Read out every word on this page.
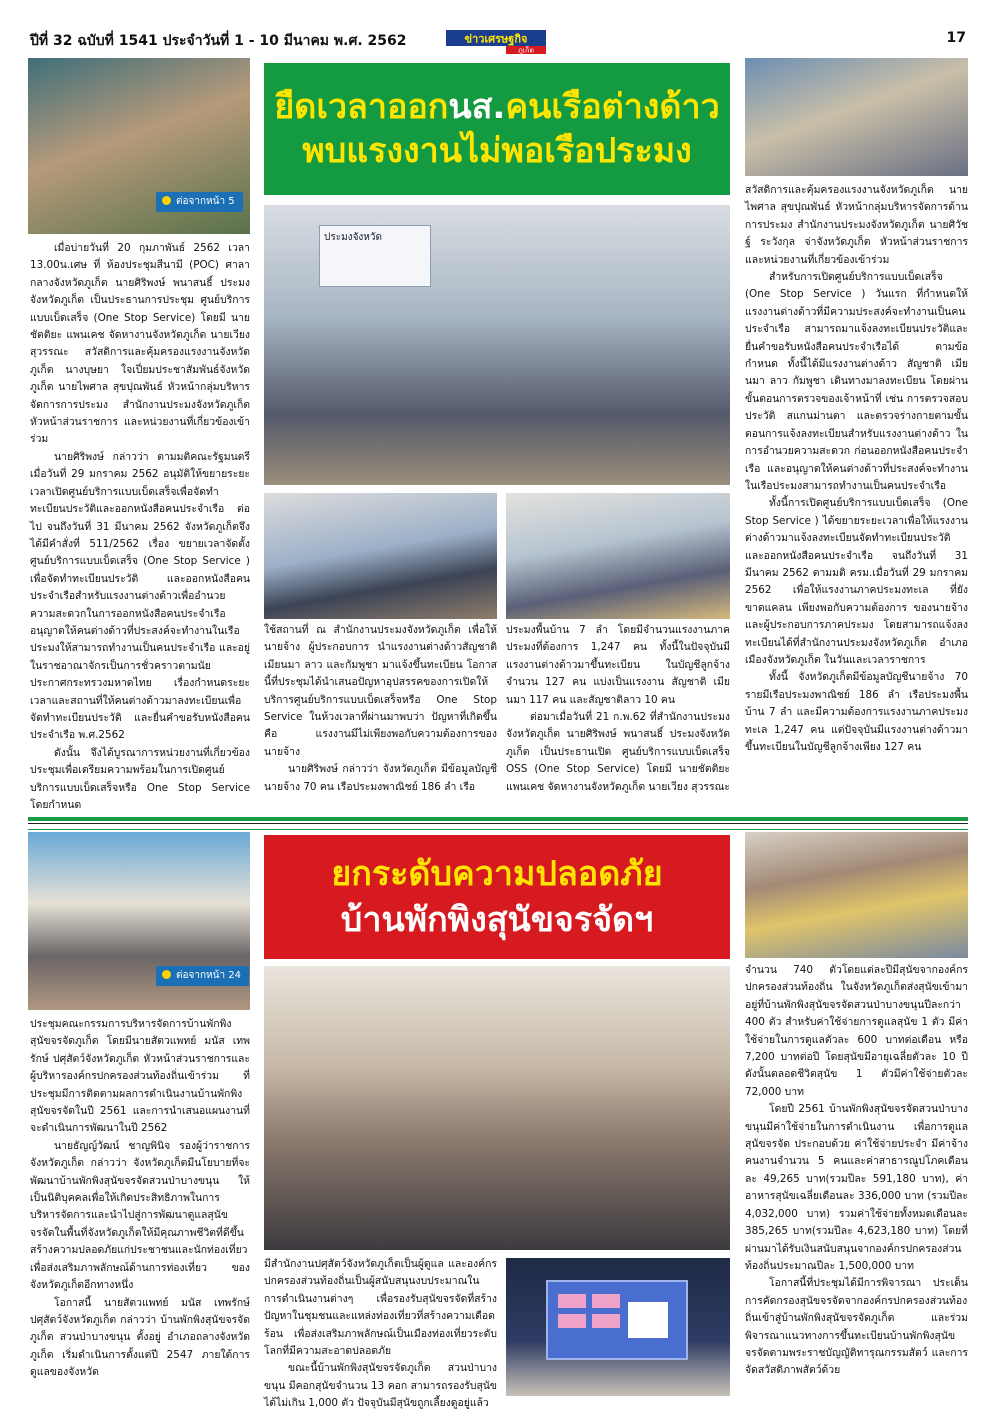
ปีที่ 32 ฉบับที่ 1541 ประจำวันที่ 1 - 10 มีนาคม พ.ศ. 2562	ข่าวเศรษฐกิจ
ภูเก็ต
17
ต่อจากหน้า 5
ยืดเวลาออกนส.คนเรือต่างด้าว
พบแรงงานไม่พอเรือประมง
ประมงจังหวัด

เมื่อบ่ายวันที่ 20 กุมภาพันธ์ 2562 เวลา 13.00น.เศษ ที่ ห้องประชุมสีนามี (POC) ศาลากลางจังหวัดภูเก็ต นายศิริพงษ์ พนาสนธิ์ ประมงจังหวัดภูเก็ต เป็นประธานการประชุม ศูนย์บริการแบบเบ็ดเสร็จ (One Stop Service) โดยมี นายชัตติยะ แพนเคช จัดหางานจังหวัดภูเก็ต นายเวียง สุวรรณะ สวัสดิการและคุ้มครองแรงงานจังหวัดภูเก็ต นางบุษยา ใจเปี่ยมประชาสัมพันธ์จังหวัดภูเก็ต นายไพศาล สุขปุณพันธ์ หัวหน้ากลุ่มบริหารจัดการการประมง สำนักงานประมงจังหวัดภูเก็ต หัวหน้าส่วนราชการ และหน่วยงานที่เกี่ยวข้องเข้าร่วม

นายศิริพงษ์ กล่าวว่า ตามมติคณะรัฐมนตรีเมื่อวันที่ 29 มกราคม 2562 อนุมัติให้ขยายระยะเวลาเปิดศูนย์บริการแบบเบ็ดเสร็จเพื่อจัดทำทะเบียนประวัติและออกหนังสือคนประจำเรือ ต่อไป จนถึงวันที่ 31 มีนาคม 2562 จังหวัดภูเก็ตจึงได้มีคำสั่งที่ 511/2562 เรื่อง ขยายเวลาจัดตั้งศูนย์บริการแบบเบ็ดเสร็จ (One Stop Service ) เพื่อจัดทำทะเบียนประวัติ และออกหนังสือคนประจำเรือสำหรับแรงงานต่างด้าวเพื่ออำนวยความสะดวกในการออกหนังสือคนประจำเรืออนุญาตให้คนต่างด้าวที่ประสงค์จะทำงานในเรือประมงให้สามารถทำงานเป็นคนประจำเรือ และอยู่ในราชอาณาจักรเป็นการชั่วคราวตามนัย ประกาศกระทรวงมหาดไทย เรื่องกำหนดระยะเวลาและสถานที่ให้คนต่างด้าวมาลงทะเบียนเพื่อจัดทำทะเบียนประวัติ และยื่นคำขอรับหนังสือคนประจำเรือ พ.ศ.2562

ดังนั้น จึงได้บูรณาการหน่วยงานที่เกี่ยวข้องประชุมเพื่อเตรียมความพร้อมในการเปิดศูนย์บริการแบบเบ็ดเสร็จหรือ One Stop Service โดยกำหนด

ใช้สถานที่ ณ สำนักงานประมงจังหวัดภูเก็ต เพื่อให้นายจ้าง ผู้ประกอบการ นำแรงงานต่างด้าวสัญชาติเมียนมา ลาว และกัมพูชา มาแจ้งขึ้นทะเบียน โอกาสนี้ที่ประชุมได้นำเสนอปัญหาอุปสรรคของการเปิดให้บริการศูนย์บริการแบบเบ็ดเสร็จหรือ One Stop Service ในห้วงเวลาที่ผ่านมาพบว่า ปัญหาที่เกิดขึ้นคือ แรงงานมีไม่เพียงพอกับความต้องการของนายจ้าง

นายศิริพงษ์ กล่าวว่า จังหวัดภูเก็ต มีข้อมูลบัญชีนายจ้าง 70 คน เรือประมงพาณิชย์ 186 ลำ เรือ

ประมงพื้นบ้าน 7 ลำ โดยมีจำนวนแรงงานภาคประมงที่ต้องการ 1,247 คน ทั้งนี้ในปัจจุบันมีแรงงานต่างด้าวมาขึ้นทะเบียน ในบัญชีลูกจ้าง จำนวน 127 คน แบ่งเป็นแรงงาน สัญชาติ เมียนมา 117 คน และสัญชาติลาว 10 คน

ต่อมาเมื่อวันที่ 21 ก.พ.62 ที่สำนักงานประมงจังหวัดภูเก็ต นายศิริพงษ์ พนาสนธิ์ ประมงจังหวัดภูเก็ต เป็นประธานเปิด ศูนย์บริการแบบเบ็ดเสร็จ OSS (One Stop Service) โดยมี นายชัตติยะ แพนเคช จัดหางานจังหวัดภูเก็ต นายเวียง สุวรรณะ

สวัสดิการและคุ้มครองแรงงานจังหวัดภูเก็ต นายไพศาล สุขปุณพันธ์ หัวหน้ากลุ่มบริหารจัดการด้านการประมง สำนักงานประมงจังหวัดภูเก็ต นายศิวัชฐ์ ระวังกุล จ่าจังหวัดภูเก็ต หัวหน้าส่วนราชการ และหน่วยงานที่เกี่ยวข้องเข้าร่วม

สำหรับการเปิดศูนย์บริการแบบเบ็ดเสร็จ (One Stop Service ) วันแรก ที่กำหนดให้แรงงานต่างด้าวที่มีความประสงค์จะทำงานเป็นคนประจำเรือ สามารถมาแจ้งลงทะเบียนประวัติและยื่นคำขอรับหนังสือคนประจำเรือได้ ตามข้อกำหนด ทั้งนี้ได้มีแรงงานต่างด้าว สัญชาติ เมียนมา ลาว กัมพูชา เดินทางมาลงทะเบียน โดยผ่านขั้นตอนการตรวจของเจ้าหน้าที่ เช่น การตรวจสอบประวัติ สแกนม่านตา และตรวจร่างกายตามขั้นตอนการแจ้งลงทะเบียนสำหรับแรงงานต่างด้าว ในการอำนวยความสะดวก ก่อนออกหนังสือคนประจำเรือ และอนุญาตให้คนต่างด้าวที่ประสงค์จะทำงานในเรือประมงสามารถทำงานเป็นคนประจำเรือ

ทั้งนี้การเปิดศูนย์บริการแบบเบ็ดเสร็จ (One Stop Service ) ได้ขยายระยะเวลาเพื่อให้แรงงานต่างด้าวมาแจ้งลงทะเบียนจัดทำทะเบียนประวัติและออกหนังสือคนประจำเรือ จนถึงวันที่ 31 มีนาคม 2562 ตามมติ ครม.เมื่อวันที่ 29 มกราคม 2562 เพื่อให้แรงงานภาคประมงทะเล ที่ยังขาดแคลน เพียงพอกับความต้องการ ของนายจ้างและผู้ประกอบการภาคประมง โดยสามารถแจ้งลงทะเบียนได้ที่สำนักงานประมงจังหวัดภูเก็ต อำเภอเมืองจังหวัดภูเก็ต ในวันและเวลาราชการ

ทั้งนี้ จังหวัดภูเก็ตมีข้อมูลบัญชีนายจ้าง 70 รายมีเรือประมงพาณิชย์ 186 ลำ เรือประมงพื้นบ้าน 7 ลำ และมีความต้องการแรงงานภาคประมงทะเล 1,247 คน แต่ปัจจุบันมีแรงงานต่างด้าวมาขึ้นทะเบียนในบัญชีลูกจ้างเพียง 127 คน

ต่อจากหน้า 24
ยกระดับความปลอดภัย
บ้านพักพิงสุนัขจรจัดฯ

ประชุมคณะกรรมการบริหารจัดการบ้านพักพิงสุนัขจรจัดภูเก็ต โดยมีนายสัตวแพทย์ มนัส เทพรักษ์ ปศุสัตว์จังหวัดภูเก็ต หัวหน้าส่วนราชการและผู้บริหารองค์กรปกครองส่วนท้องถิ่นเข้าร่วม ที่ประชุมมีการติดตามผลการดำเนินงานบ้านพักพิงสุนัขจรจัดในปี 2561 และการนำเสนอแผนงานที่จะดำเนินการพัฒนาในปี 2562

นายธัญญ์วัฒน์ ชาญพินิจ รองผู้ว่าราชการจังหวัดภูเก็ต กล่าวว่า จังหวัดภูเก็ตมีนโยบายที่จะพัฒนาบ้านพักพิงสุนัขจรจัดสวนป่าบางขนุน ให้เป็นนิติบุคคลเพื่อให้เกิดประสิทธิภาพในการบริหารจัดการและนำไปสู่การพัฒนาดูแลสุนัขจรจัดในพื้นที่จังหวัดภูเก็ตให้มีคุณภาพชีวิตที่ดีขึ้น สร้างความปลอดภัยแก่ประชาชนและนักท่องเที่ยว เพื่อส่งเสริมภาพลักษณ์ด้านการท่องเที่ยว ของจังหวัดภูเก็ตอีกทางหนึ่ง

โอกาสนี้ นายสัตวแพทย์ มนัส เทพรักษ์ ปศุสัตว์จังหวัดภูเก็ต กล่าวว่า บ้านพักพิงสุนัขจรจัดภูเก็ต สวนป่าบางขนุน ตั้งอยู่ อำเภอถลางจังหวัดภูเก็ต เริ่มดำเนินการตั้งแต่ปี 2547 ภายใต้การดูแลของจังหวัด

มีสำนักงานปศุสัตว์จังหวัดภูเก็ตเป็นผู้ดูแล และองค์กรปกครองส่วนท้องถิ่นเป็นผู้สนับสนุนงบประมาณในการดำเนินงานต่างๆ เพื่อรองรับสุนัขจรจัดที่สร้างปัญหาในชุมชนและแหล่งท่องเที่ยวที่สร้างความเดือดร้อน เพื่อส่งเสริมภาพลักษณ์เป็นเมืองท่องเที่ยวระดับโลกที่มีความสะอาดปลอดภัย

ขณะนี้บ้านพักพิงสุนัขจรจัดภูเก็ต สวนป่าบางขนุน มีคอกสุนัขจำนวน 13 คอก สามารถรองรับสุนัขได้ไม่เกิน 1,000 ตัว ปัจจุบันมีสุนัขถูกเลี้ยงดูอยู่แล้ว

จำนวน 740 ตัวโดยแต่ละปีมีสุนัขจากองค์กรปกครองส่วนท้องถิ่น ในจังหวัดภูเก็ตส่งสุนัขเข้ามาอยู่ที่บ้านพักพิงสุนัขจรจัดสวนป่าบางขนุนปีละกว่า 400 ตัว สำหรับค่าใช้จ่ายการดูแลสุนัข 1 ตัว มีค่าใช้จ่ายในการดูแลตัวละ 600 บาทต่อเดือน หรือ 7,200 บาทต่อปี โดยสุนัขมีอายุเฉลี่ยตัวละ 10 ปี ดังนั้นตลอดชีวิตสุนัข 1 ตัวมีค่าใช้จ่ายตัวละ 72,000 บาท

โดยปี 2561 บ้านพักพิงสุนัขจรจัดสวนป่าบางขนุนมีค่าใช้จ่ายในการดำเนินงาน เพื่อการดูแลสุนัขจรจัด ประกอบด้วย ค่าใช้จ่ายประจำ มีค่าจ้างคนงานจำนวน 5 คนและค่าสาธารณูปโภคเดือนละ 49,265 บาท(รวมปีละ 591,180 บาท), ค่าอาหารสุนัขเฉลี่ยเดือนละ 336,000 บาท (รวมปีละ 4,032,000 บาท) รวมค่าใช้จ่ายทั้งหมดเดือนละ 385,265 บาท(รวมปีละ 4,623,180 บาท) โดยที่ผ่านมาได้รับเงินสนับสนุนจากองค์กรปกครองส่วนท้องถิ่นประมาณปีละ 1,500,000 บาท

โอกาสนี้ที่ประชุมได้มีการพิจารณา ประเด็นการคัดกรองสุนัขจรจัดจากองค์กรปกครองส่วนท้องถิ่นเข้าสู่บ้านพักพิงสุนัขจรจัดภูเก็ต และร่วมพิจารณาแนวทางการขึ้นทะเบียนบ้านพักพิงสุนัขจรจัดตามพระราชบัญญัติทารุณกรรมสัตว์ และการจัดสวัสดิภาพสัตว์ด้วย
